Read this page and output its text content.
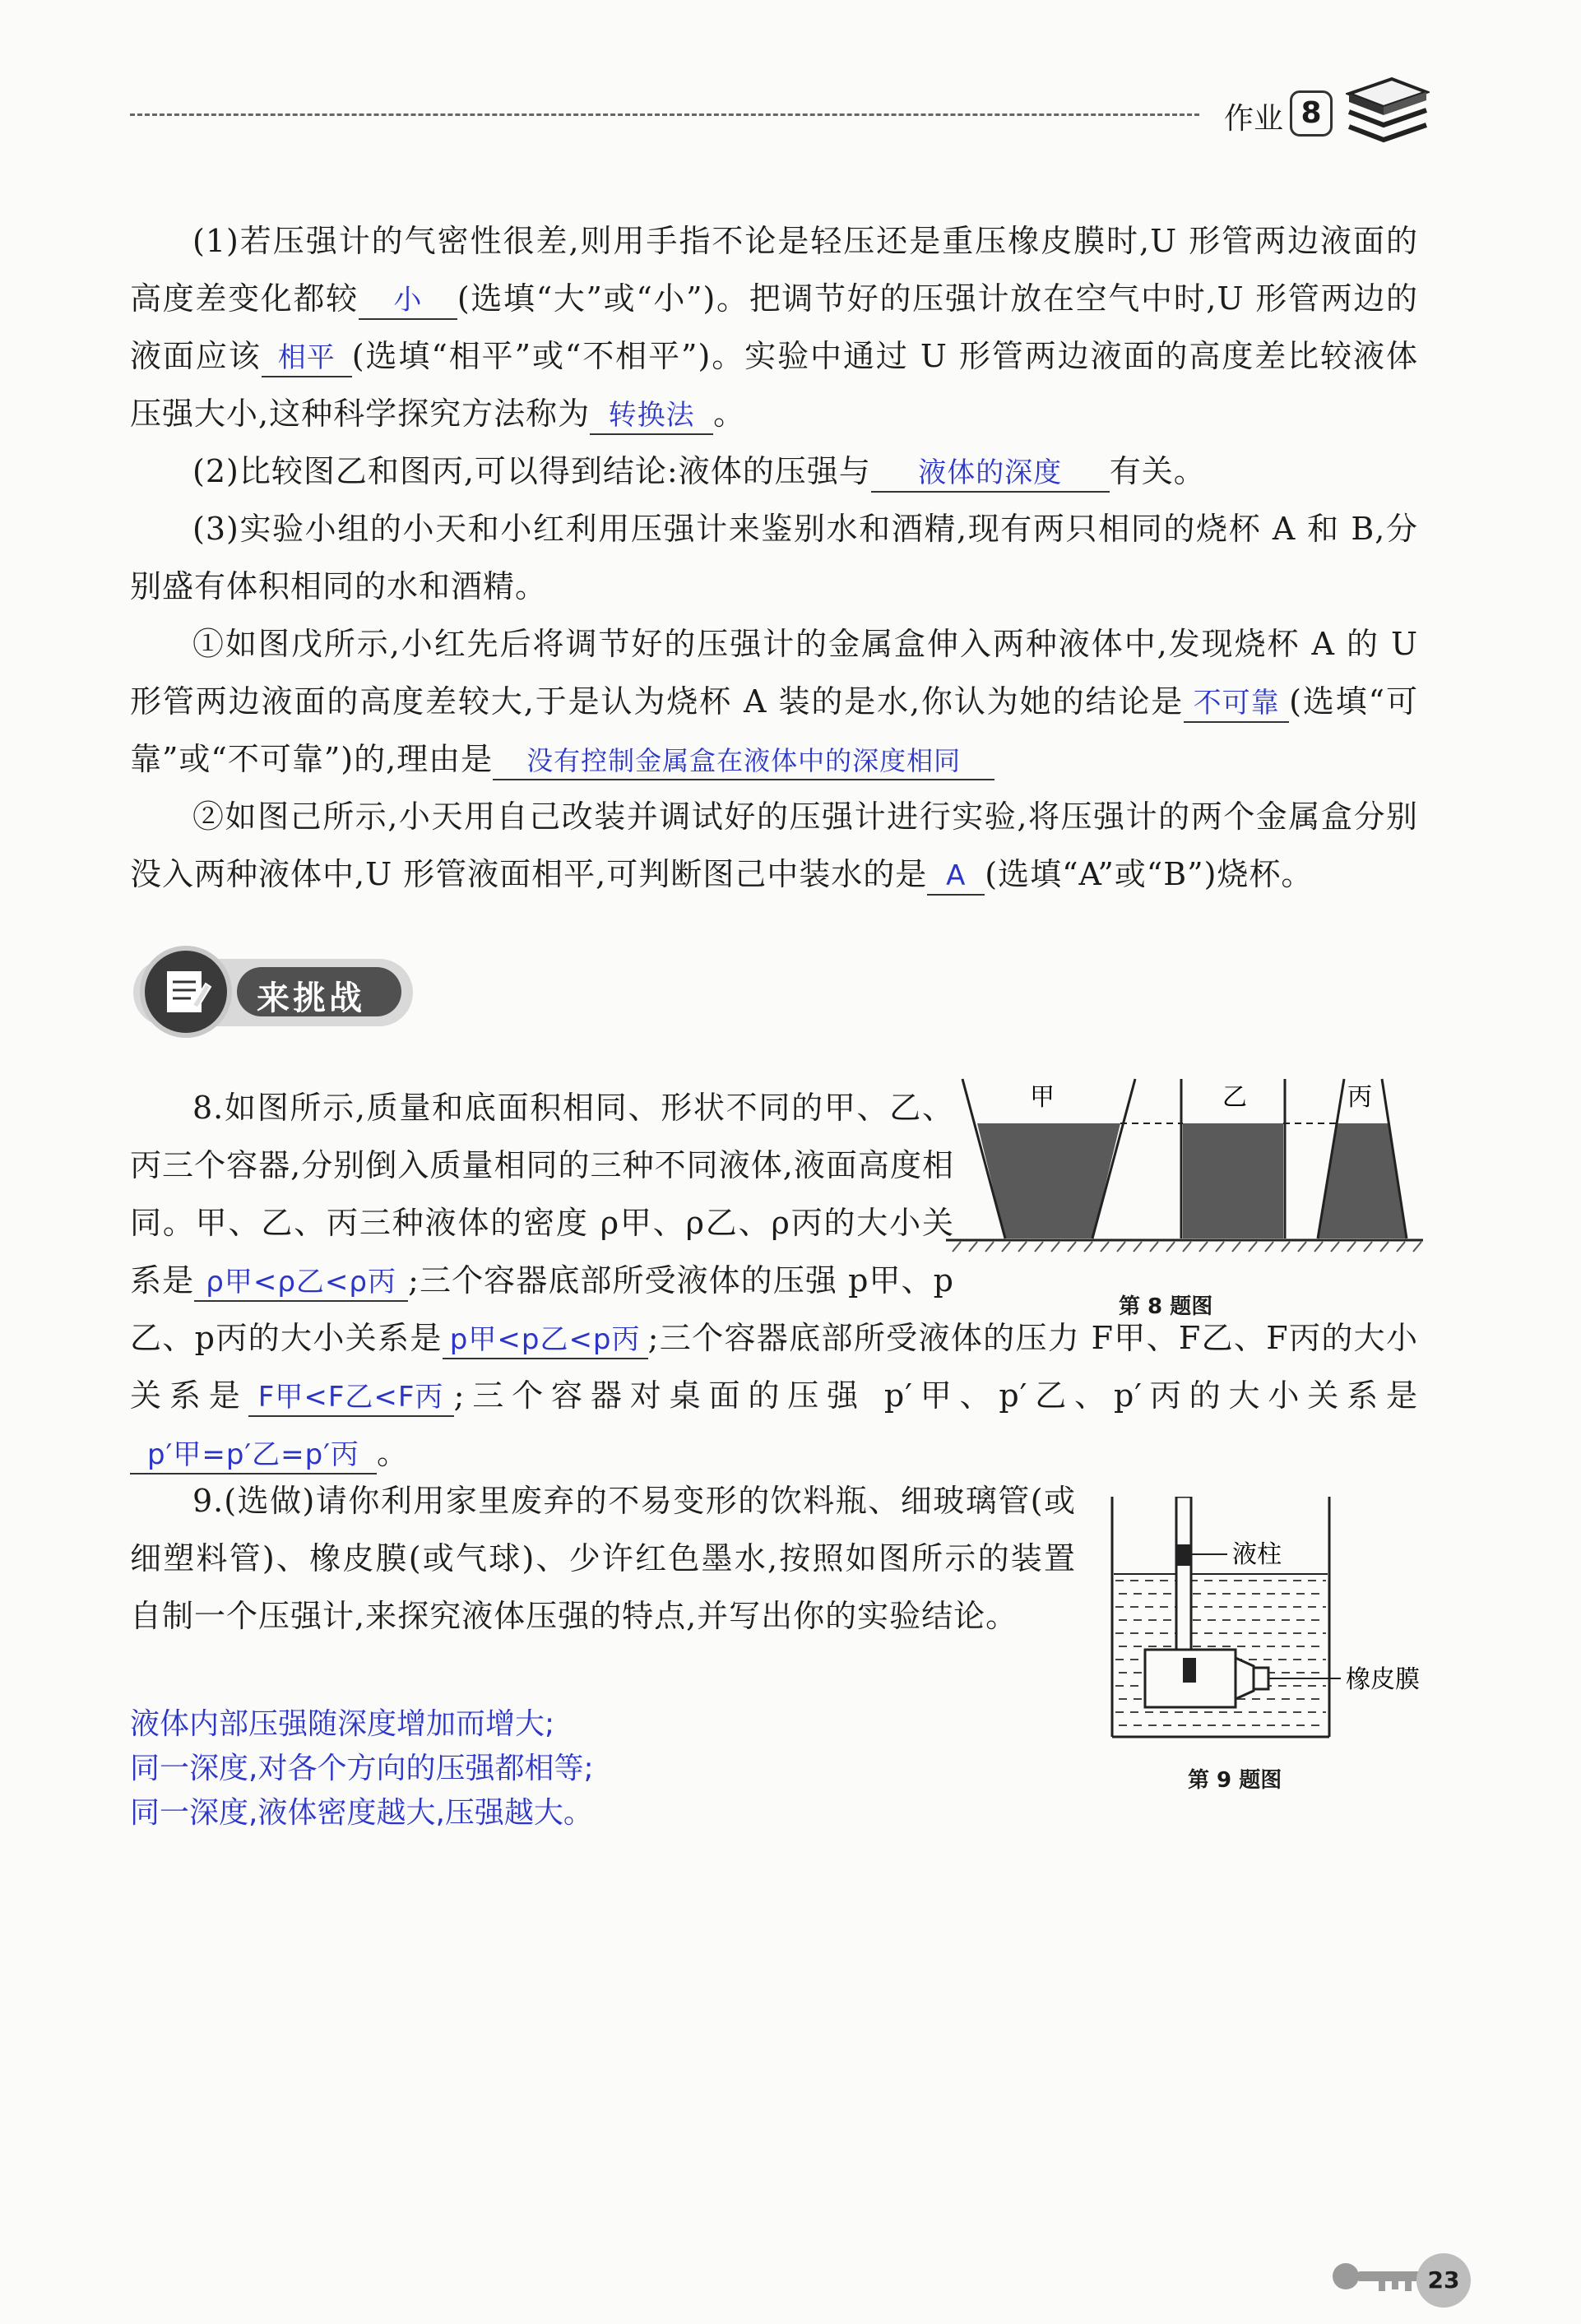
作业 8
(1)若压强计的气密性很差,则用手指不论是轻压还是重压橡皮膜时,U 形管两边液面的高度差变化都较 小 (选填“大”或“小”)。把调节好的压强计放在空气中时,U 形管两边的液面应该 相平 (选填“相平”或“不相平”)。实验中通过 U 形管两边液面的高度差比较液体压强大小,这种科学探究方法称为 转换法 。
(2)比较图乙和图丙,可以得到结论:液体的压强与 液体的深度 有关。
(3)实验小组的小天和小红利用压强计来鉴别水和酒精,现有两只相同的烧杯 A 和 B,分别盛有体积相同的水和酒精。
①如图戊所示,小红先后将调节好的压强计的金属盒伸入两种液体中,发现烧杯 A 的 U 形管两边液面的高度差较大,于是认为烧杯 A 装的是水,你认为她的结论是 不可靠 (选填“可靠”或“不可靠”)的,理由是 没有控制金属盒在液体中的深度相同
②如图己所示,小天用自己改装并调试好的压强计进行实验,将压强计的两个金属盒分别没入两种液体中,U 形管液面相平,可判断图己中装水的是 A (选填“A”或“B”)烧杯。
来挑战
8.如图所示,质量和底面积相同、形状不同的甲、乙、丙三个容器,分别倒入质量相同的三种不同液体,液面高度相同。甲、乙、丙三种液体的密度 ρ甲、ρ乙、ρ丙的大小关系是 ρ甲<ρ乙<ρ丙 ;三个容器底部所受液体的压强 p甲、p乙、p丙的大小关系是 p甲<p乙<p丙 ;三个容器底部所受液体的压力 F甲、F乙、F丙的大小关系是 F甲<F乙<F丙 ;三个容器对桌面的压强 p′甲、p′乙、p′丙的大小关系是p′甲=p′乙=p′丙 。
甲	乙	丙
第 8 题图
9.(选做)请你利用家里废弃的不易变形的饮料瓶、细玻璃管(或细塑料管)、橡皮膜(或气球)、少许红色墨水,按照如图所示的装置自制一个压强计,来探究液体压强的特点,并写出你的实验结论。
液柱
橡皮膜
第 9 题图
液体内部压强随深度增加而增大;
同一深度,对各个方向的压强都相等;
同一深度,液体密度越大,压强越大。
23
